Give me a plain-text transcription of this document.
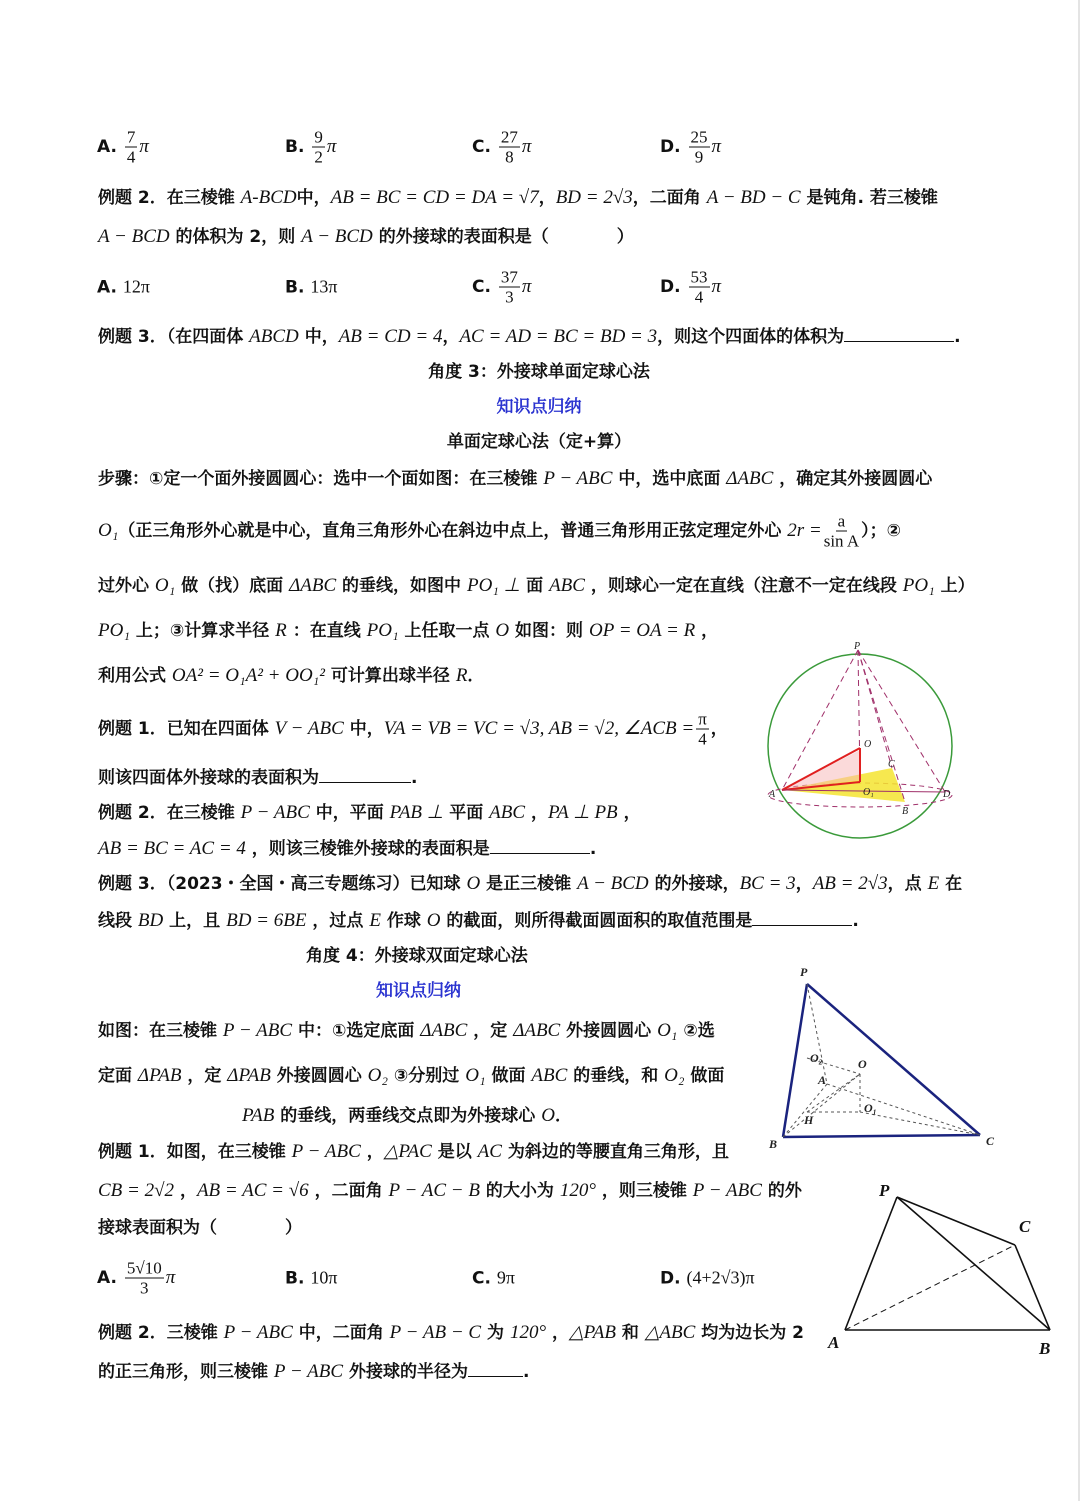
A. $\frac{7}{4}$ π	B. $\frac{9}{2}$ π	C. $\frac{27}{8}$ π	D. $\frac{25}{9}$ π
A. 12π	B. 13π	C. $\frac{37}{3}$ π	D. $\frac{53}{4}$ π
A. $\frac{5√10}{3}$ π	B. 10π	C. 9π	D. (4+2√3)π
例题 2．在三棱锥 A-BCD中，AB = BC = CD = DA = √7，BD = 2√3，二面角 A − BD − C 是钝角. 若三棱锥
A − BCD 的体积为 2，则 A − BCD 的外接球的表面积是（　　　　）
例题 3．（在四面体 ABCD 中，AB = CD = 4，AC = AD = BC = BD = 3，则这个四面体的体积为	.
角度 3：外接球单面定球心法
知识点归纳
单面定球心法（定+算）
步骤：①定一个面外接圆圆心：选中一个面如图：在三棱锥 P − ABC 中，选中底面 ΔABC ，确定其外接圆圆心
O₁（正三角形外心就是中心，直角三角形外心在斜边中点上，普通三角形用正弦定理定外心 $2r = \frac{a}{\text{sin A}}$ ）；②
过外心 O₁ 做（找）底面 ΔABC 的垂线，如图中 PO₁ ⊥ 面 ABC ，则球心一定在直线（注意不一定在线段 PO₁ 上）
PO₁ 上；③计算求半径 R ：在直线 PO₁ 上任取一点 O 如图：则 OP = OA = R ，
利用公式 OA² = O₁A² + OO₁² 可计算出球半径 R．
例题 1．已知在四面体 V − ABC 中，VA = VB = VC = √3, AB = √2, ∠ACB = $\frac{\pi}{4}$ ，
则该四面体外接球的表面积为	.
例题 2．在三棱锥 P − ABC 中，平面 PAB ⊥ 平面 ABC ，PA ⊥ PB ，
AB = BC = AC = 4 ，则该三棱锥外接球的表面积是	.
例题 3．（2023・全国・高三专题练习）已知球 O 是正三棱锥 A − BCD 的外接球，BC = 3，AB = 2√3，点 E 在
线段 BD 上，且 BD = 6BE ，过点 E 作球 O 的截面，则所得截面圆面积的取值范围是	.
角度 4：外接球双面定球心法
知识点归纳
如图：在三棱锥 P − ABC 中：①选定底面 ΔABC ，定 ΔABC 外接圆圆心 O₁ ②选
定面 ΔPAB ，定 ΔPAB 外接圆圆心 O₂ ③分别过 O₁ 做面 ABC 的垂线，和 O₂ 做面
PAB 的垂线，两垂线交点即为外接球心 O．
例题 1．如图，在三棱锥 P − ABC ，△PAC 是以 AC 为斜边的等腰直角三角形，且
CB = 2√2 ，AB = AC = √6 ，二面角 P − AC − B 的大小为 120° ，则三棱锥 P − ABC 的外
接球表面积为（　　　　）
例题 2．三棱锥 P − ABC 中，二面角 P − AB − C 为 120° ，△PAB 和 △ABC 均为边长为 2
的正三角形，则三棱锥 P − ABC 外接球的半径为	.
P
O
O₁
A
B
C
D
P
O₂	O
A
O₁
H
B	C
P
C
A	B
